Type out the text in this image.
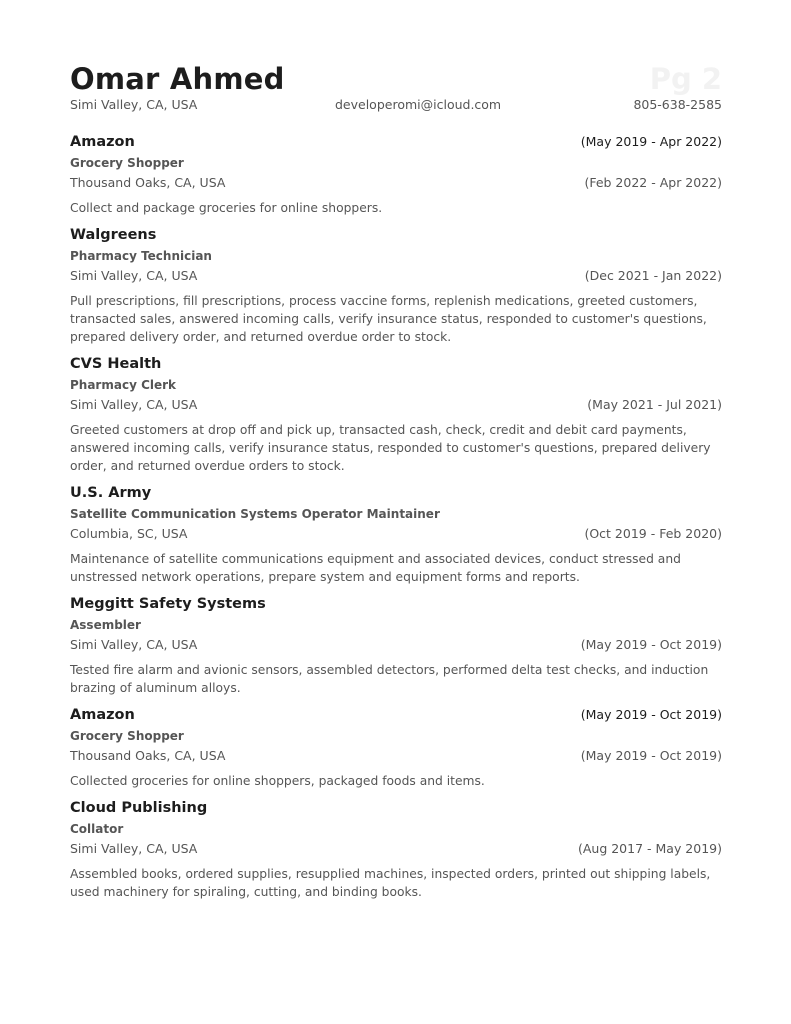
Omar Ahmed	Pg 2
Simi Valley, CA, USA	developeromi@icloud.com	805-638-2585
Amazon	(May 2019 - Apr 2022)
Grocery Shopper
Thousand Oaks, CA, USA	(Feb 2022 - Apr 2022)
Collect and package groceries for online shoppers.
Walgreens
Pharmacy Technician
Simi Valley, CA, USA	(Dec 2021 - Jan 2022)
Pull prescriptions, fill prescriptions, process vaccine forms, replenish medications, greeted customers, transacted sales, answered incoming calls, verify insurance status, responded to customer's questions, prepared delivery order, and returned overdue order to stock.
CVS Health
Pharmacy Clerk
Simi Valley, CA, USA	(May 2021 - Jul 2021)
Greeted customers at drop off and pick up, transacted cash, check, credit and debit card payments, answered incoming calls, verify insurance status, responded to customer's questions, prepared delivery order, and returned overdue orders to stock.
U.S. Army
Satellite Communication Systems Operator Maintainer
Columbia, SC, USA	(Oct 2019 - Feb 2020)
Maintenance of satellite communications equipment and associated devices, conduct stressed and unstressed network operations, prepare system and equipment forms and reports.
Meggitt Safety Systems
Assembler
Simi Valley, CA, USA	(May 2019 - Oct 2019)
Tested fire alarm and avionic sensors, assembled detectors, performed delta test checks, and induction brazing of aluminum alloys.
Amazon	(May 2019 - Oct 2019)
Grocery Shopper
Thousand Oaks, CA, USA	(May 2019 - Oct 2019)
Collected groceries for online shoppers, packaged foods and items.
Cloud Publishing
Collator
Simi Valley, CA, USA	(Aug 2017 - May 2019)
Assembled books, ordered supplies, resupplied machines, inspected orders, printed out shipping labels, used machinery for spiraling, cutting, and binding books.
